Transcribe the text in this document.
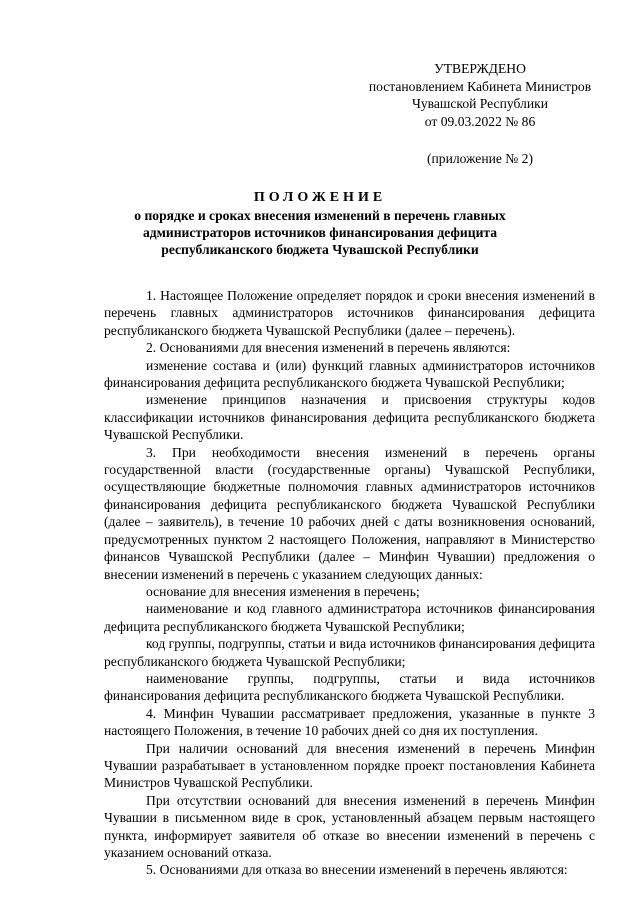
УТВЕРЖДЕНО
постановлением Кабинета Министров
Чувашской Республики
от 09.03.2022 № 86
(приложение № 2)
ПОЛОЖЕНИЕ
о порядке и сроках внесения изменений в перечень главных администраторов источников финансирования дефицита республиканского бюджета Чувашской Республики

1. Настоящее Положение определяет порядок и сроки внесения изменений в перечень главных администраторов источников финансирования дефицита республиканского бюджета Чувашской Республики (далее – перечень).

2. Основаниями для внесения изменений в перечень являются:

изменение состава и (или) функций главных администраторов источников финансирования дефицита республиканского бюджета Чувашской Республики;

изменение принципов назначения и присвоения структуры кодов классификации источников финансирования дефицита республиканского бюджета Чувашской Республики.

3. При необходимости внесения изменений в перечень органы государственной власти (государственные органы) Чувашской Республики, осуществляющие бюджетные полномочия главных администраторов источников финансирования дефицита республиканского бюджета Чувашской Республики (далее – заявитель), в течение 10 рабочих дней с даты возникновения оснований, предусмотренных пунктом 2 настоящего Положения, направляют в Министерство финансов Чувашской Республики (далее – Минфин Чувашии) предложения о внесении изменений в перечень с указанием следующих данных:

основание для внесения изменения в перечень;

наименование и код главного администратора источников финансирования дефицита республиканского бюджета Чувашской Республики;

код группы, подгруппы, статьи и вида источников финансирования дефицита республиканского бюджета Чувашской Республики;

наименование группы, подгруппы, статьи и вида источников финансирования дефицита республиканского бюджета Чувашской Республики.

4. Минфин Чувашии рассматривает предложения, указанные в пункте 3 настоящего Положения, в течение 10 рабочих дней со дня их поступления.

При наличии оснований для внесения изменений в перечень Минфин Чувашии разрабатывает в установленном порядке проект постановления Кабинета Министров Чувашской Республики.

При отсутствии оснований для внесения изменений в перечень Минфин Чувашии в письменном виде в срок, установленный абзацем первым настоящего пункта, информирует заявителя об отказе во внесении изменений в перечень с указанием оснований отказа.

5. Основаниями для отказа во внесении изменений в перечень являются:
